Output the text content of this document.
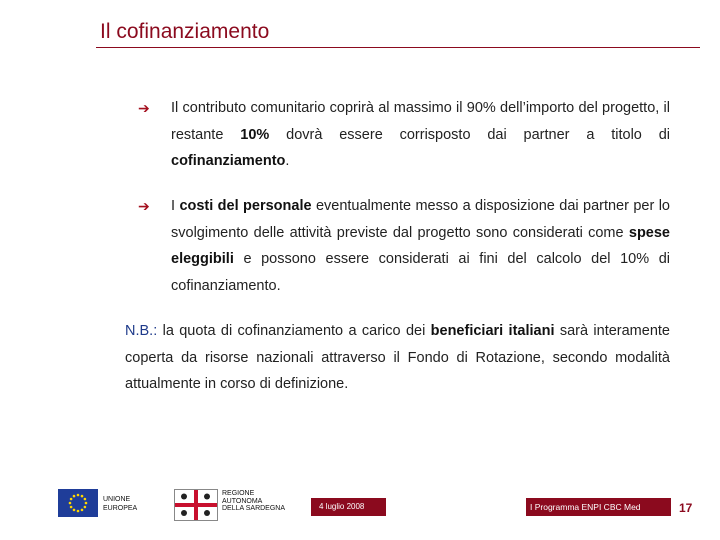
Il cofinanziamento
➔ Il contributo comunitario coprirà al massimo il 90% dell’importo del progetto, il restante 10% dovrà essere corrisposto dai partner a titolo di cofinanziamento.
➔ I costi del personale eventualmente messo a disposizione dai partner per lo svolgimento delle attività previste dal progetto sono considerati come spese eleggibili e possono essere considerati ai fini del calcolo del 10% di cofinanziamento.
N.B.: la quota di cofinanziamento a carico dei beneficiari italiani sarà interamente coperta da risorse nazionali attraverso il Fondo di Rotazione, secondo modalità attualmente in corso di definizione.
UNIONE
EUROPEA
REGIONE
AUTONOMA
DELLA SARDEGNA	4 luglio 2008	I Programma ENPI CBC Med	17
